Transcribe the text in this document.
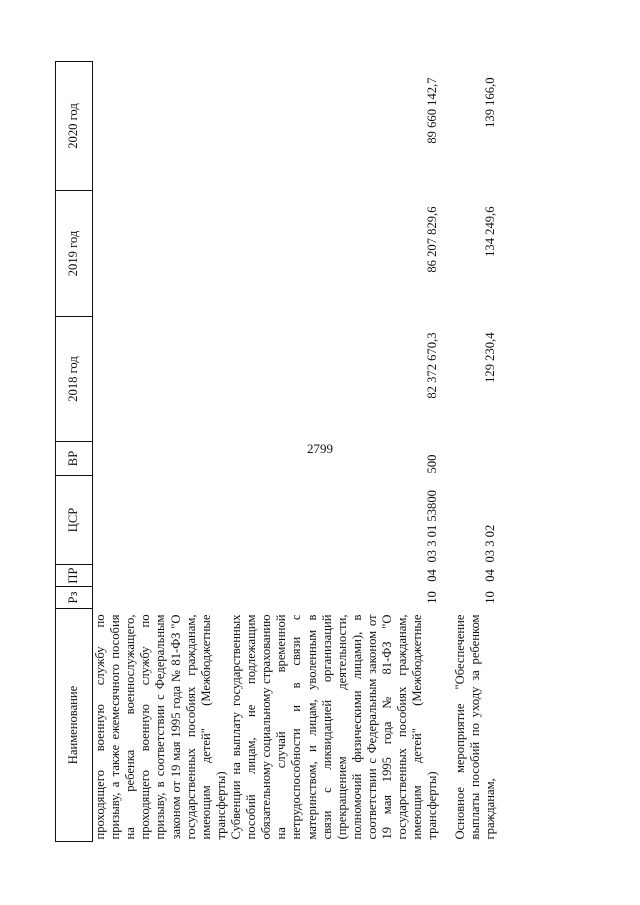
2799
Наименование	Рз	ПР	ЦСР	ВР	2018 год	2019 год	2020 год
проходящего военную службу по призыву, а также ежемесячного пособия на ребенка военнослужащего, проходящего военную службу по призыву, в соответствии с Федеральным законом от 19 мая 1995 года № 81-ФЗ "О государственных пособиях гражданам, имеющим детей" (Межбюджетные трансферты)							
Субвенции на выплату государственных пособий лицам, не подлежащим обязательному социальному страхованию на случай временной нетрудоспособности и в связи с материнством, и лицам, уволенным в связи с ликвидацией организаций (прекращением деятельности, полномочий физическими лицами), в соответствии с Федеральным законом от 19 мая 1995 года № 81-ФЗ "О государственных пособиях гражданам, имеющим детей" (Межбюджетные трансферты)	10	04	03 3 01 53800	500	82 372 670,3	86 207 829,6	89 660 142,7

Основное мероприятие "Обеспечение выплаты пособий по уходу за ребенком гражданам,	10	04	03 3 02		129 230,4	134 249,6	139 166,0
